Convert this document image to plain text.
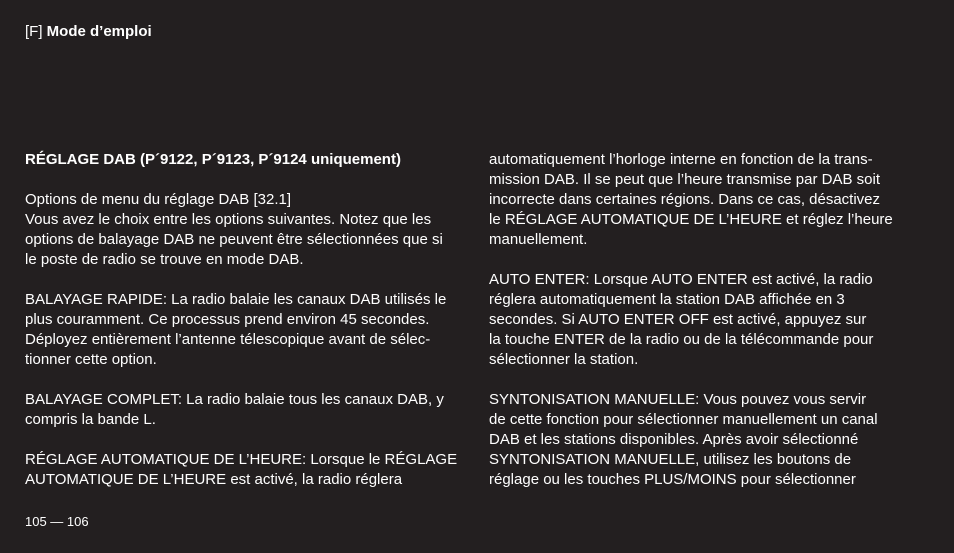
[F] Mode d’emploi
RÉGLAGE DAB (P´9122, P´9123, P´9124 uniquement)

Options de menu du réglage DAB [32.1]
Vous avez le choix entre les options suivantes. Notez que les
options de balayage DAB ne peuvent être sélectionnées que si
le poste de radio se trouve en mode DAB.

BALAYAGE RAPIDE: La radio balaie les canaux DAB utilisés le
plus couramment. Ce processus prend environ 45 secondes.
Déployez entièrement l’antenne télescopique avant de sélec-
tionner cette option.

BALAYAGE COMPLET: La radio balaie tous les canaux DAB, y
compris la bande L.

RÉGLAGE AUTOMATIQUE DE L’HEURE: Lorsque le RÉGLAGE
AUTOMATIQUE DE L’HEURE est activé, la radio réglera
automatiquement l’horloge interne en fonction de la trans-
mission DAB. Il se peut que l’heure transmise par DAB soit
incorrecte dans certaines régions. Dans ce cas, désactivez
le RÉGLAGE AUTOMATIQUE DE L’HEURE et réglez l’heure
manuellement.

AUTO ENTER: Lorsque AUTO ENTER est activé, la radio
réglera automatiquement la station DAB affichée en 3
secondes. Si AUTO ENTER OFF est activé, appuyez sur
la touche ENTER de la radio ou de la télécommande pour
sélectionner la station.

SYNTONISATION MANUELLE: Vous pouvez vous servir
de cette fonction pour sélectionner manuellement un canal
DAB et les stations disponibles. Après avoir sélectionné
SYNTONISATION MANUELLE, utilisez les boutons de
réglage ou les touches PLUS/MOINS pour sélectionner
105 — 106
